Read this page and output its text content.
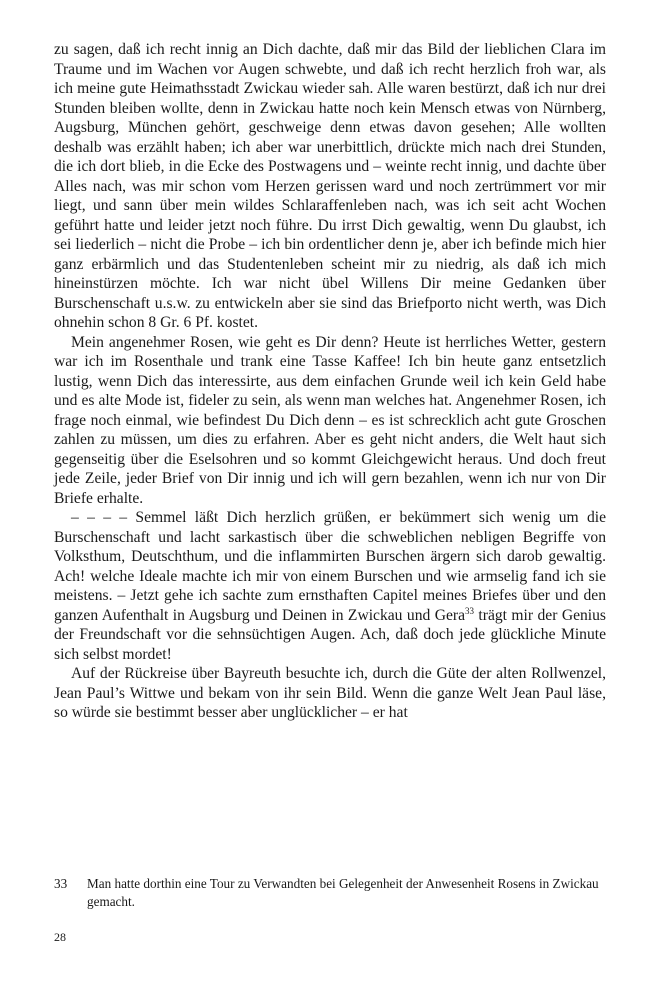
zu sagen, daß ich recht innig an Dich dachte, daß mir das Bild der lieblichen Clara im Traume und im Wachen vor Augen schwebte, und daß ich recht herzlich froh war, als ich meine gute Heimathsstadt Zwickau wieder sah. Alle waren bestürzt, daß ich nur drei Stunden bleiben wollte, denn in Zwickau hatte noch kein Mensch etwas von Nürnberg, Augsburg, München gehört, geschweige denn etwas davon gesehen; Alle wollten deshalb was erzählt haben; ich aber war unerbittlich, drückte mich nach drei Stunden, die ich dort blieb, in die Ecke des Postwagens und – weinte recht innig, und dachte über Alles nach, was mir schon vom Herzen gerissen ward und noch zertrümmert vor mir liegt, und sann über mein wildes Schlaraffenleben nach, was ich seit acht Wochen geführt hatte und leider jetzt noch führe. Du irrst Dich gewaltig, wenn Du glaubst, ich sei liederlich – nicht die Probe – ich bin ordentlicher denn je, aber ich befinde mich hier ganz erbärmlich und das Studentenleben scheint mir zu niedrig, als daß ich mich hineinstürzen möchte. Ich war nicht übel Willens Dir meine Gedanken über Burschenschaft u.s.w. zu entwickeln aber sie sind das Briefporto nicht werth, was Dich ohnehin schon 8 Gr. 6 Pf. kostet.

Mein angenehmer Rosen, wie geht es Dir denn? Heute ist herrliches Wetter, gestern war ich im Rosenthale und trank eine Tasse Kaffee! Ich bin heute ganz entsetzlich lustig, wenn Dich das interessirte, aus dem einfachen Grunde weil ich kein Geld habe und es alte Mode ist, fideler zu sein, als wenn man welches hat. Angenehmer Rosen, ich frage noch einmal, wie befindest Du Dich denn – es ist schrecklich acht gute Groschen zahlen zu müssen, um dies zu erfahren. Aber es geht nicht anders, die Welt haut sich gegenseitig über die Eselsohren und so kommt Gleichgewicht heraus. Und doch freut jede Zeile, jeder Brief von Dir innig und ich will gern bezahlen, wenn ich nur von Dir Briefe erhalte.

– – – – Semmel läßt Dich herzlich grüßen, er bekümmert sich wenig um die Burschenschaft und lacht sarkastisch über die schweblichen nebligen Begriffe von Volksthum, Deutschthum, und die inflammirten Burschen ärgern sich darob gewaltig. Ach! welche Ideale machte ich mir von einem Burschen und wie armselig fand ich sie meistens. – Jetzt gehe ich sachte zum ernsthaften Capitel meines Briefes über und den ganzen Aufenthalt in Augsburg und Deinen in Zwickau und Gera$^{33}$ trägt mir der Genius der Freundschaft vor die sehnsüchtigen Augen. Ach, daß doch jede glückliche Minute sich selbst mordet!

Auf der Rückreise über Bayreuth besuchte ich, durch die Güte der alten Rollwenzel, Jean Paul’s Wittwe und bekam von ihr sein Bild. Wenn die ganze Welt Jean Paul läse, so würde sie bestimmt besser aber unglücklicher – er hat

33	Man hatte dorthin eine Tour zu Verwandten bei Gelegenheit der Anwesenheit Rosens in Zwickau gemacht.
28
